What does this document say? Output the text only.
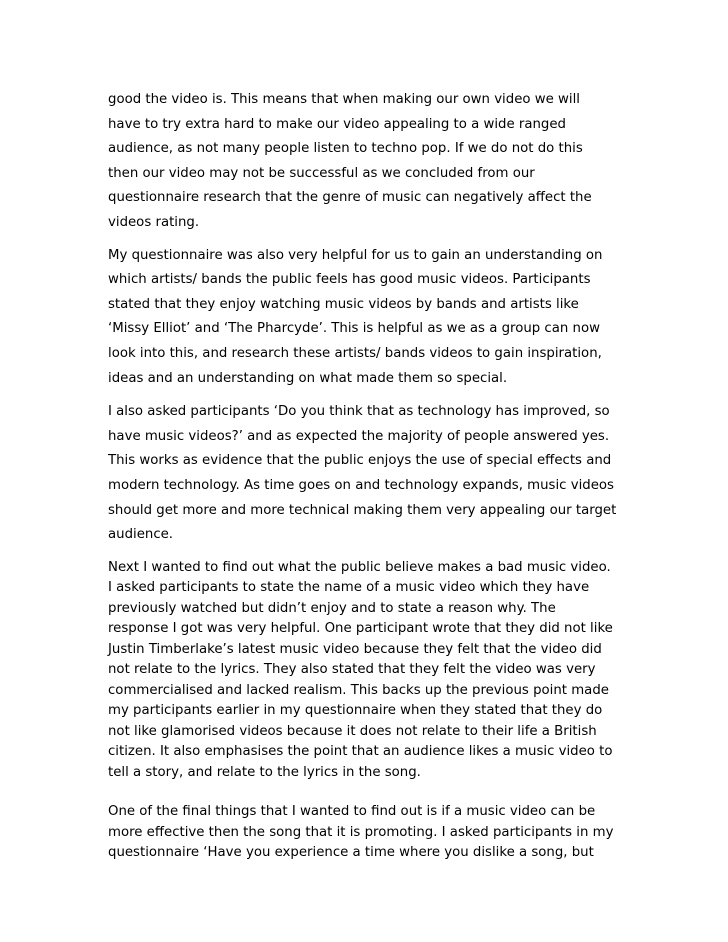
good the video is. This means that when making our own video we will
have to try extra hard to make our video appealing to a wide ranged
audience, as not many people listen to techno pop. If we do not do this
then our video may not be successful as we concluded from our
questionnaire research that the genre of music can negatively affect the
videos rating.
My questionnaire was also very helpful for us to gain an understanding on
which artists/ bands the public feels has good music videos. Participants
stated that they enjoy watching music videos by bands and artists like
‘Missy Elliot’ and ‘The Pharcyde’. This is helpful as we as a group can now
look into this, and research these artists/ bands videos to gain inspiration,
ideas and an understanding on what made them so special.
I also asked participants ‘Do you think that as technology has improved, so
have music videos?’ and as expected the majority of people answered yes.
This works as evidence that the public enjoys the use of special effects and
modern technology. As time goes on and technology expands, music videos
should get more and more technical making them very appealing our target
audience.
Next I wanted to find out what the public believe makes a bad music video.
I asked participants to state the name of a music video which they have
previously watched but didn’t enjoy and to state a reason why. The
response I got was very helpful. One participant wrote that they did not like
Justin Timberlake’s latest music video because they felt that the video did
not relate to the lyrics. They also stated that they felt the video was very
commercialised and lacked realism. This backs up the previous point made
my participants earlier in my questionnaire when they stated that they do
not like glamorised videos because it does not relate to their life a British
citizen. It also emphasises the point that an audience likes a music video to
tell a story, and relate to the lyrics in the song.
One of the final things that I wanted to find out is if a music video can be
more effective then the song that it is promoting. I asked participants in my
questionnaire ‘Have you experience a time where you dislike a song, but
